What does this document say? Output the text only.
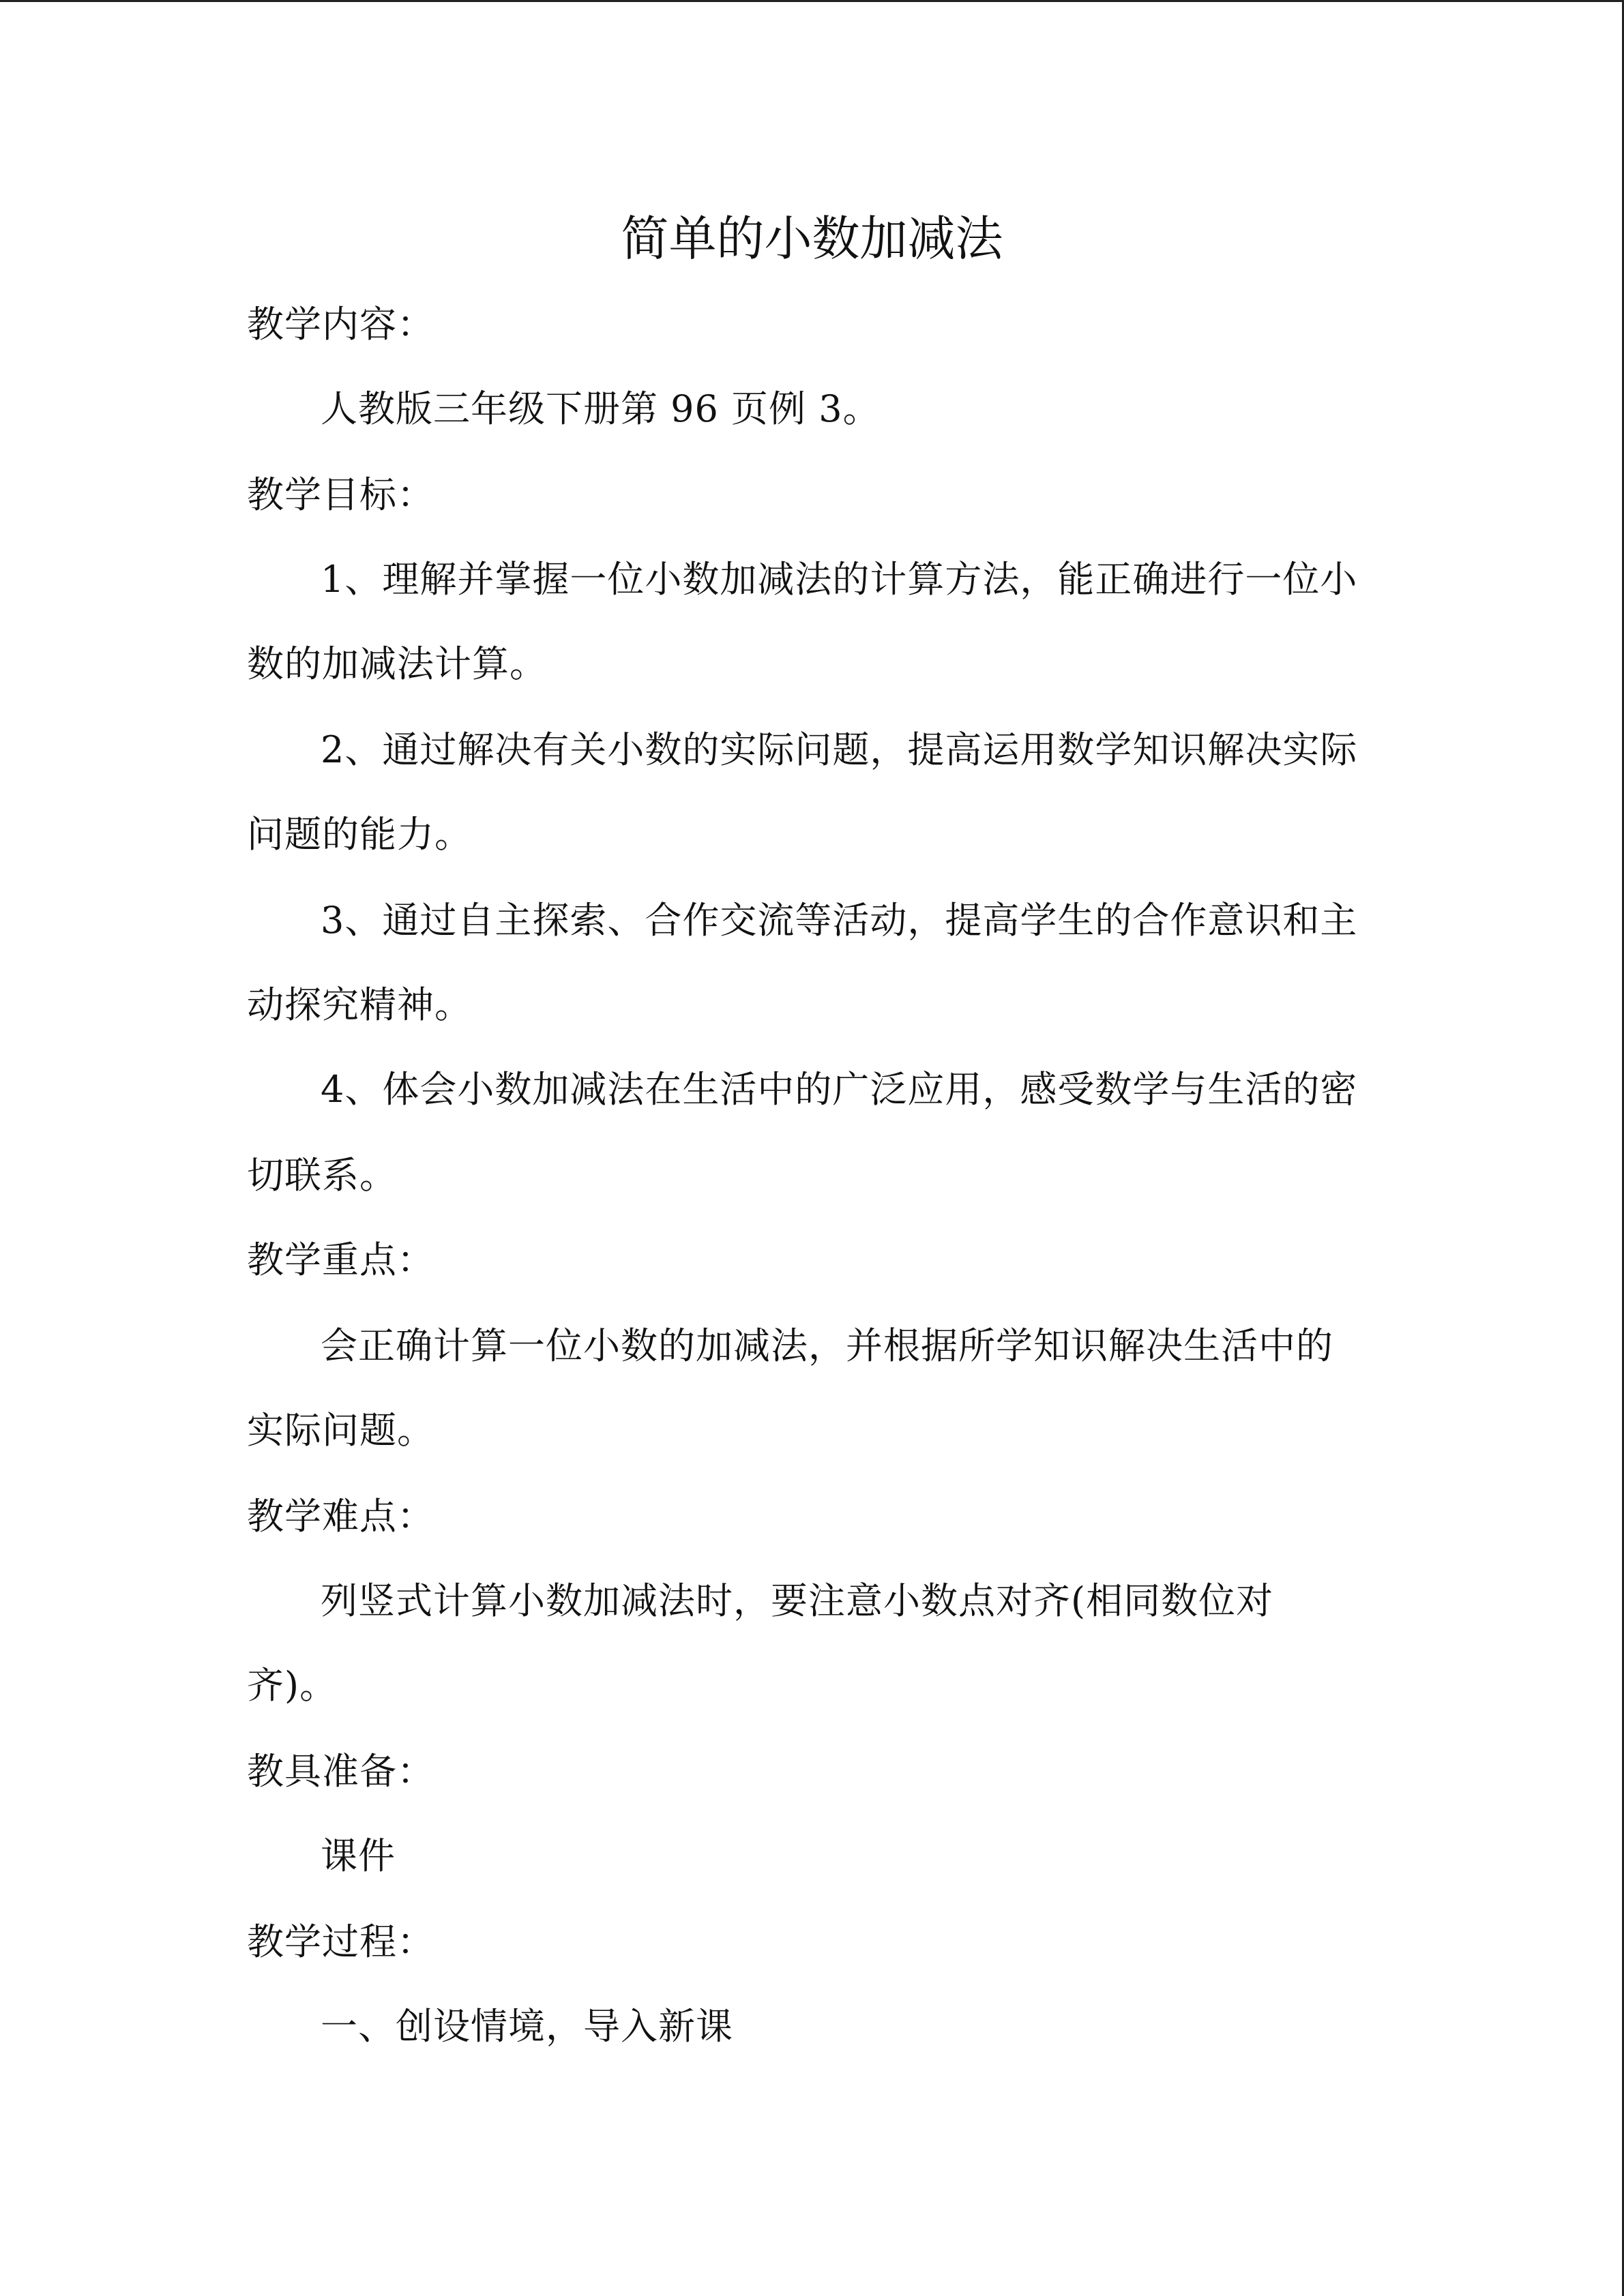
简单的小数加减法
教学内容：
人教版三年级下册第 96 页例 3。
教学目标：
1、理解并掌握一位小数加减法的计算方法，能正确进行一位小
数的加减法计算。
2、通过解决有关小数的实际问题，提高运用数学知识解决实际
问题的能力。
3、通过自主探索、合作交流等活动，提高学生的合作意识和主
动探究精神。
4、体会小数加减法在生活中的广泛应用，感受数学与生活的密
切联系。
教学重点：
会正确计算一位小数的加减法，并根据所学知识解决生活中的
实际问题。
教学难点：
列竖式计算小数加减法时，要注意小数点对齐(相同数位对
齐)。
教具准备：
课件
教学过程：
一、创设情境，导入新课
